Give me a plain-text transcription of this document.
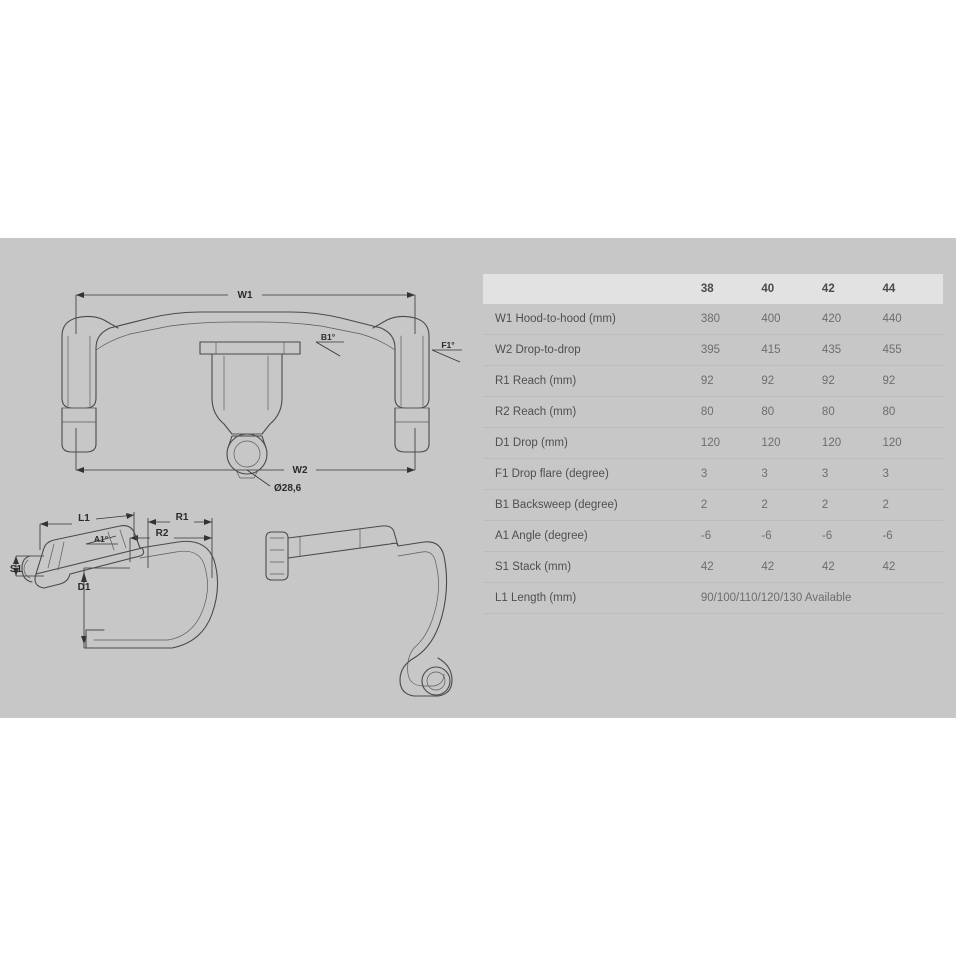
W1
W2
B1°
F1°
Ø28,6
L1	R1
R2
A1°
S1
D1
	38	40	42	44
W1 Hood-to-hood (mm)	380	400	420	440
W2 Drop-to-drop	395	415	435	455
R1 Reach (mm)	92	92	92	92
R2 Reach (mm)	80	80	80	80
D1 Drop (mm)	120	120	120	120
F1 Drop flare (degree)	3	3	3	3
B1 Backsweep (degree)	2	2	2	2
A1 Angle (degree)	-6	-6	-6	-6
S1 Stack (mm)	42	42	42	42
L1 Length (mm)	90/100/110/120/130 Available			
